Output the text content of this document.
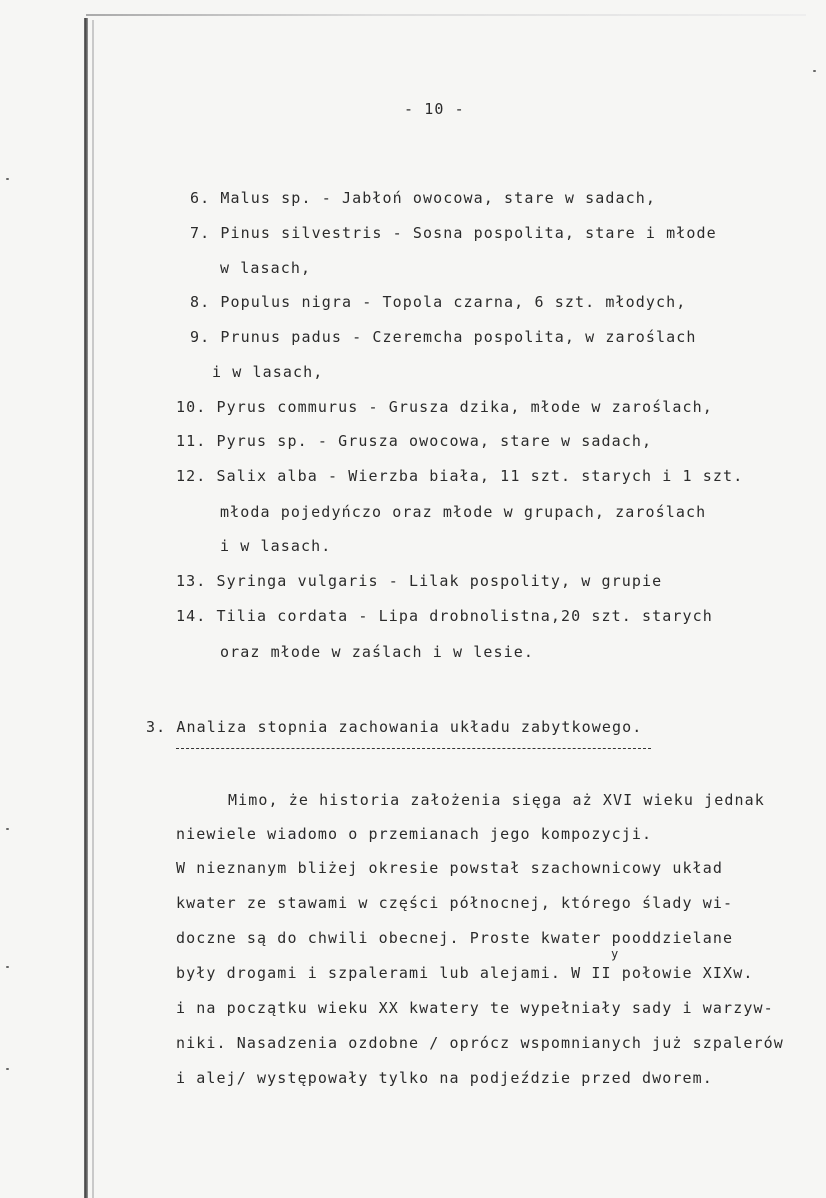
- 10 -
6. Malus sp. - Jabłoń owocowa, stare w sadach,
7. Pinus silvestris - Sosna pospolita, stare i młode
w lasach,
8. Populus nigra - Topola czarna, 6 szt. młodych,
9. Prunus padus - Czeremcha pospolita, w zaroślach
i w lasach,
10. Pyrus commurus - Grusza dzika, młode w zaroślach,
11. Pyrus sp. - Grusza owocowa, stare w sadach,
12. Salix alba - Wierzba biała, 11 szt. starych i 1 szt.
młoda pojedyńczo oraz młode w grupach, zaroślach
i w lasach.
13. Syringa vulgaris - Lilak pospolity, w grupie
14. Tilia cordata - Lipa drobnolistna,20 szt. starych
oraz młode w zaślach i w lesie.
3. Analiza stopnia zachowania układu zabytkowego.
Mimo, że historia założenia sięga aż XVI wieku jednak
niewiele wiadomo o przemianach jego kompozycji.
W nieznanym bliżej okresie powstał szachownicowy układ
kwater ze stawami w części północnej, którego ślady wi-
doczne są do chwili obecnej. Proste kwater pooddzielane
y
były drogami i szpalerami lub alejami. W II połowie XIXw.
i na początku wieku XX kwatery te wypełniały sady i warzyw-
niki. Nasadzenia ozdobne / oprócz wspomnianych już szpalerów
i alej/ występowały tylko na podjeździe przed dworem.
